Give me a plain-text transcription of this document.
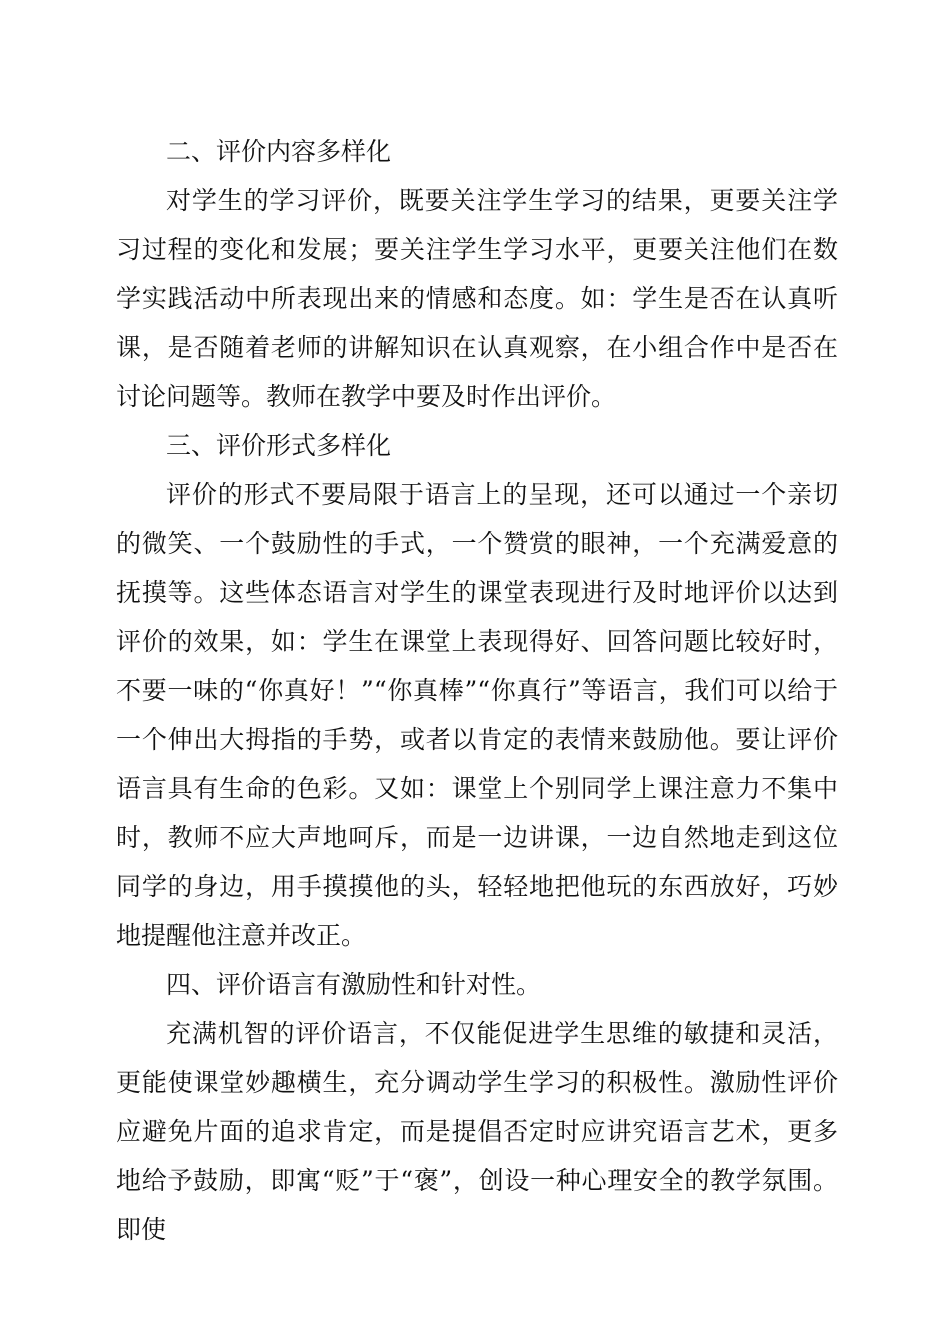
二、评价内容多样化

对学生的学习评价，既要关注学生学习的结果，更要关注学习过程的变化和发展；要关注学生学习水平，更要关注他们在数学实践活动中所表现出来的情感和态度。如：学生是否在认真听课，是否随着老师的讲解知识在认真观察，在小组合作中是否在讨论问题等。教师在教学中要及时作出评价。

三、评价形式多样化

评价的形式不要局限于语言上的呈现，还可以通过一个亲切的微笑、一个鼓励性的手式，一个赞赏的眼神，一个充满爱意的抚摸等。这些体态语言对学生的课堂表现进行及时地评价以达到评价的效果，如：学生在课堂上表现得好、回答问题比较好时，不要一味的“你真好！”“你真棒”“你真行”等语言，我们可以给于一个伸出大拇指的手势，或者以肯定的表情来鼓励他。要让评价语言具有生命的色彩。又如：课堂上个别同学上课注意力不集中时，教师不应大声地呵斥，而是一边讲课，一边自然地走到这位同学的身边，用手摸摸他的头，轻轻地把他玩的东西放好，巧妙地提醒他注意并改正。

四、评价语言有激励性和针对性。

充满机智的评价语言，不仅能促进学生思维的敏捷和灵活，更能使课堂妙趣横生，充分调动学生学习的积极性。激励性评价应避免片面的追求肯定，而是提倡否定时应讲究语言艺术，更多地给予鼓励，即寓“贬”于“褒”，创设一种心理安全的教学氛围。即使
